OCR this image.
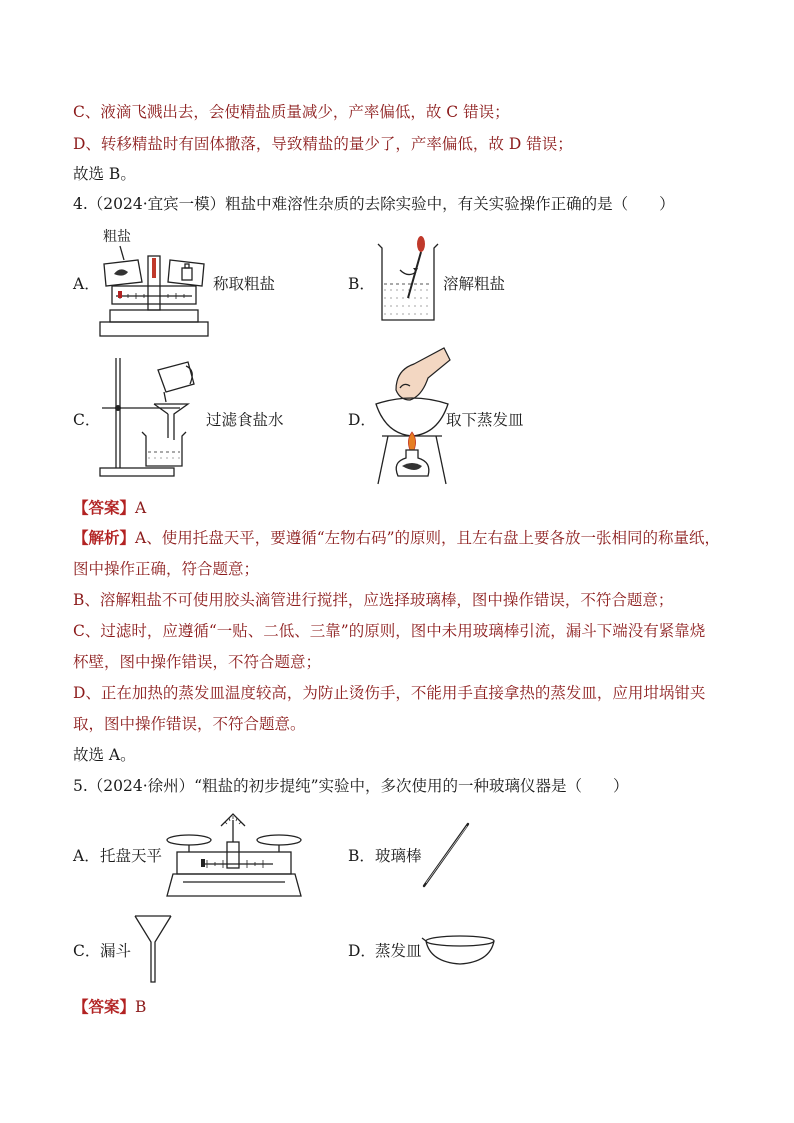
C、液滴飞溅出去，会使精盐质量减少，产率偏低，故 C 错误；
D、转移精盐时有固体撒落，导致精盐的量少了，产率偏低，故 D 错误；
故选 B。
4.（2024·宜宾一模）粗盐中难溶性杂质的去除实验中，有关实验操作正确的是（　　）
A．
粗盐
称取粗盐	B．	溶解粗盐
C．	过滤食盐水	D．	取下蒸发皿
【答案】A
【解析】A、使用托盘天平，要遵循“左物右码”的原则，且左右盘上要各放一张相同的称量纸，
图中操作正确，符合题意；
B、溶解粗盐不可使用胶头滴管进行搅拌，应选择玻璃棒，图中操作错误，不符合题意；
C、过滤时，应遵循“一贴、二低、三靠”的原则，图中未用玻璃棒引流，漏斗下端没有紧靠烧
杯壁，图中操作错误，不符合题意；
D、正在加热的蒸发皿温度较高，为防止烫伤手，不能用手直接拿热的蒸发皿，应用坩埚钳夹
取，图中操作错误，不符合题意。
故选 A。
5.（2024·徐州）“粗盐的初步提纯”实验中，多次使用的一种玻璃仪器是（　　）
A． 托盘天平	B． 玻璃棒
C． 漏斗	D． 蒸发皿
【答案】B
